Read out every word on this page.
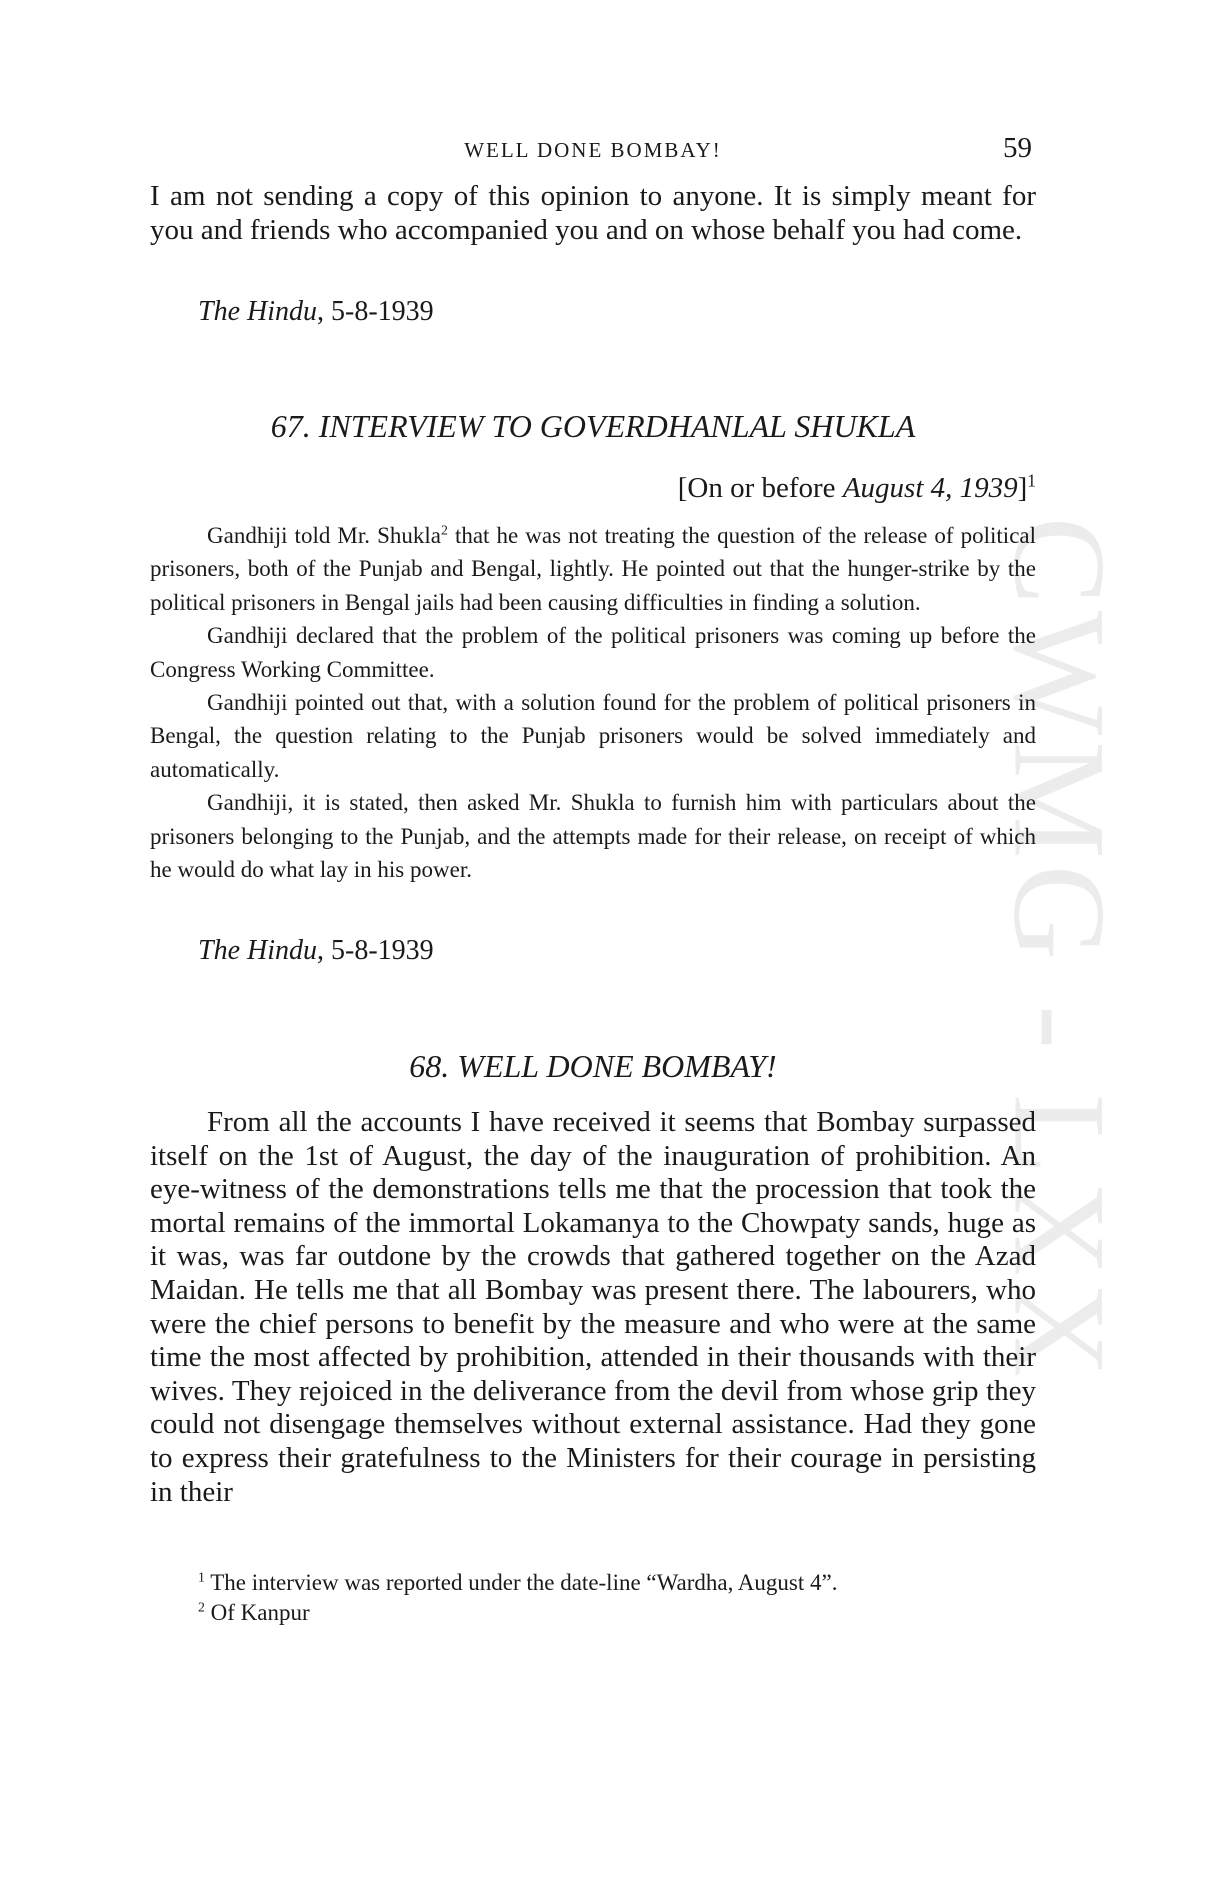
CWMG - LXX
WELL DONE BOMBAY!	59

I am not sending a copy of this opinion to anyone. It is simply meant for you and friends who accompanied you and on whose behalf you had come.

The Hindu, 5-8-1939
67. INTERVIEW TO GOVERDHANLAL SHUKLA
[On or before August 4, 1939]$^1$

Gandhiji told Mr. Shukla$^2$ that he was not treating the question of the release of political prisoners, both of the Punjab and Bengal, lightly. He pointed out that the hunger-strike by the political prisoners in Bengal jails had been causing difficulties in finding a solution.

Gandhiji declared that the problem of the political prisoners was coming up before the Congress Working Committee.

Gandhiji pointed out that, with a solution found for the problem of political prisoners in Bengal, the question relating to the Punjab prisoners would be solved immediately and automatically.

Gandhiji, it is stated, then asked Mr. Shukla to furnish him with particulars about the prisoners belonging to the Punjab, and the attempts made for their release, on receipt of which he would do what lay in his power.

The Hindu, 5-8-1939
68. WELL DONE BOMBAY!

From all the accounts I have received it seems that Bombay surpassed itself on the 1st of August, the day of the inauguration of prohibition. An eye-witness of the demonstrations tells me that the procession that took the mortal remains of the immortal Lokamanya to the Chowpaty sands, huge as it was, was far outdone by the crowds that gathered together on the Azad Maidan. He tells me that all Bombay was present there. The labourers, who were the chief persons to benefit by the measure and who were at the same time the most affected by prohibition, attended in their thousands with their wives. They rejoiced in the deliverance from the devil from whose grip they could not disengage themselves without external assistance. Had they gone to express their gratefulness to the Ministers for their courage in persisting in their

$^1$ The interview was reported under the date-line “Wardha, August 4”.
$^2$ Of Kanpur
